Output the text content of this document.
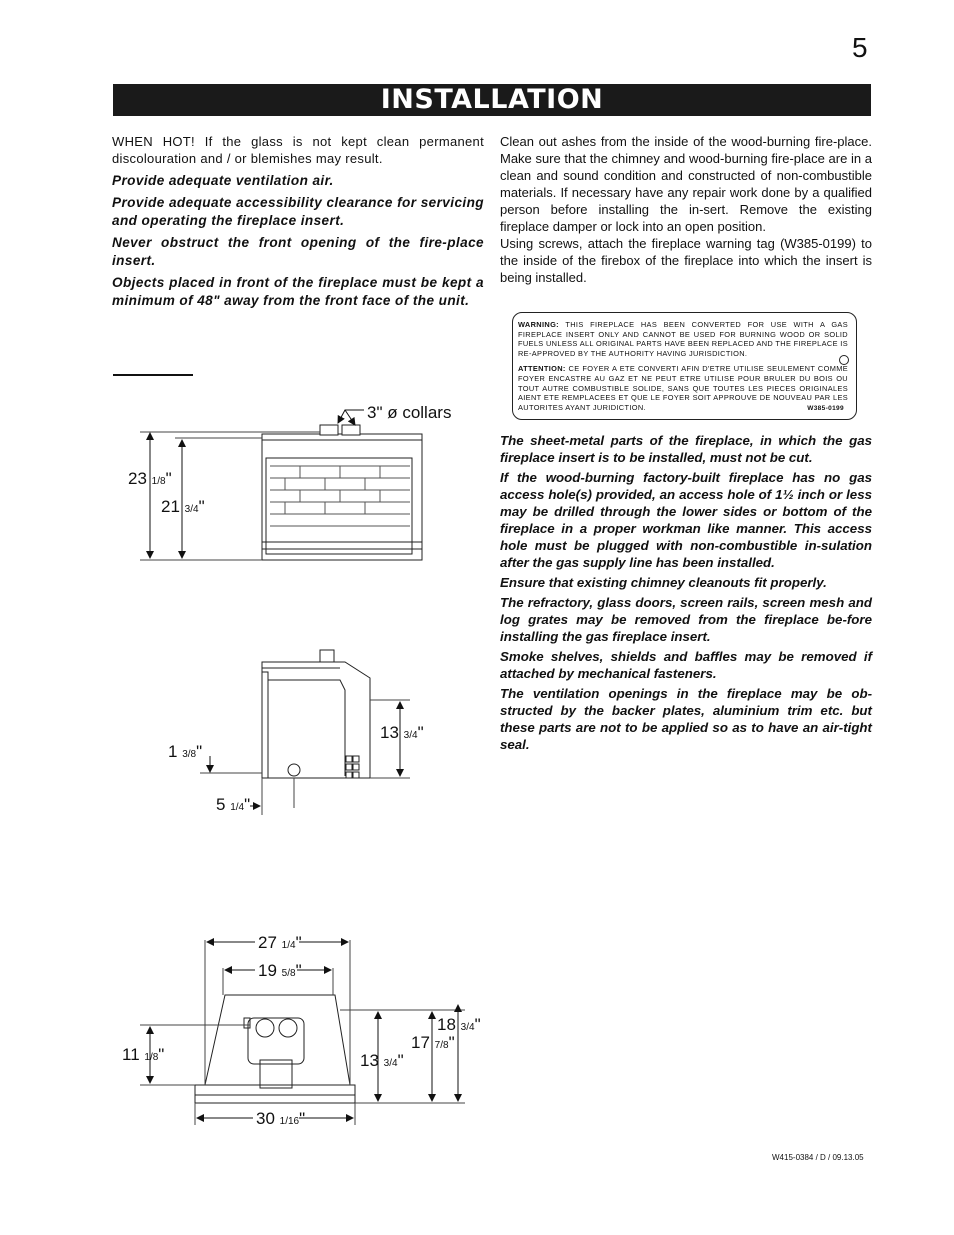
5
INSTALLATION

WHEN HOT! If the glass is not kept clean permanent discolouration and / or blemishes may result.

Provide adequate ventilation air.

Provide adequate accessibility clearance for servicing and operating the fireplace insert.

Never obstruct the front opening of the fire-place insert.

Objects placed in front of the fireplace must be kept a minimum of 48" away from the front face of the unit.

Clean out ashes from the inside of the wood-burning fire-place. Make sure that the chimney and wood-burning fire-place are in a clean and sound condition and constructed of non-combustible materials. If necessary have any repair work done by a qualified person before installing the in-sert. Remove the existing fireplace damper or lock into an open position.

Using screws, attach the fireplace warning tag (W385-0199) to the inside of the firebox of the fireplace into which the insert is being installed.

WARNING: THIS FIREPLACE HAS BEEN CONVERTED FOR USE WITH A GAS FIREPLACE INSERT ONLY AND CANNOT BE USED FOR BURNING WOOD OR SOLID FUELS UNLESS ALL ORIGINAL PARTS HAVE BEEN REPLACED AND THE FIREPLACE IS RE-APPROVED BY THE AUTHORITY HAVING JURISDICTION.

ATTENTION: CE FOYER A ETE CONVERTI AFIN D'ETRE UTILISE SEULEMENT COMME FOYER ENCASTRE AU GAZ ET NE PEUT ETRE UTILISE POUR BRULER DU BOIS OU TOUT AUTRE COMBUSTIBLE SOLIDE, SANS QUE TOUTES LES PIECES ORIGINALES AIENT ETE REMPLACEES ET QUE LE FOYER SOIT APPROUVE DE NOUVEAU PAR LES AUTORITES AYANT JURIDICTION.	W385-0199

The sheet-metal parts of the fireplace, in which the gas fireplace insert is to be installed, must not be cut.

If the wood-burning factory-built fireplace has no gas access hole(s) provided, an access hole of 1½ inch or less may be drilled through the lower sides or bottom of the fireplace in a proper workman like manner. This access hole must be plugged with non-combustible in-sulation after the gas supply line has been installed.

Ensure that existing chimney cleanouts fit properly.

The refractory, glass doors, screen rails, screen mesh and log grates may be removed from the fireplace be-fore installing the gas fireplace insert.

Smoke shelves, shields and baffles may be removed if attached by mechanical fasteners.

The ventilation openings in the fireplace may be ob-structed by the backer plates, aluminium trim etc. but these parts are not to be applied so as to have an air-tight seal.

3" ø collars
23 1/8"
21 3/4"
13 3/4"
1 3/8"
5 1/4"
27 1/4"
19 5/8"
30 1/16"
11 1/8"	13 3/4"
17 7/8"
18 3/4"
W415-0384 / D / 09.13.05
